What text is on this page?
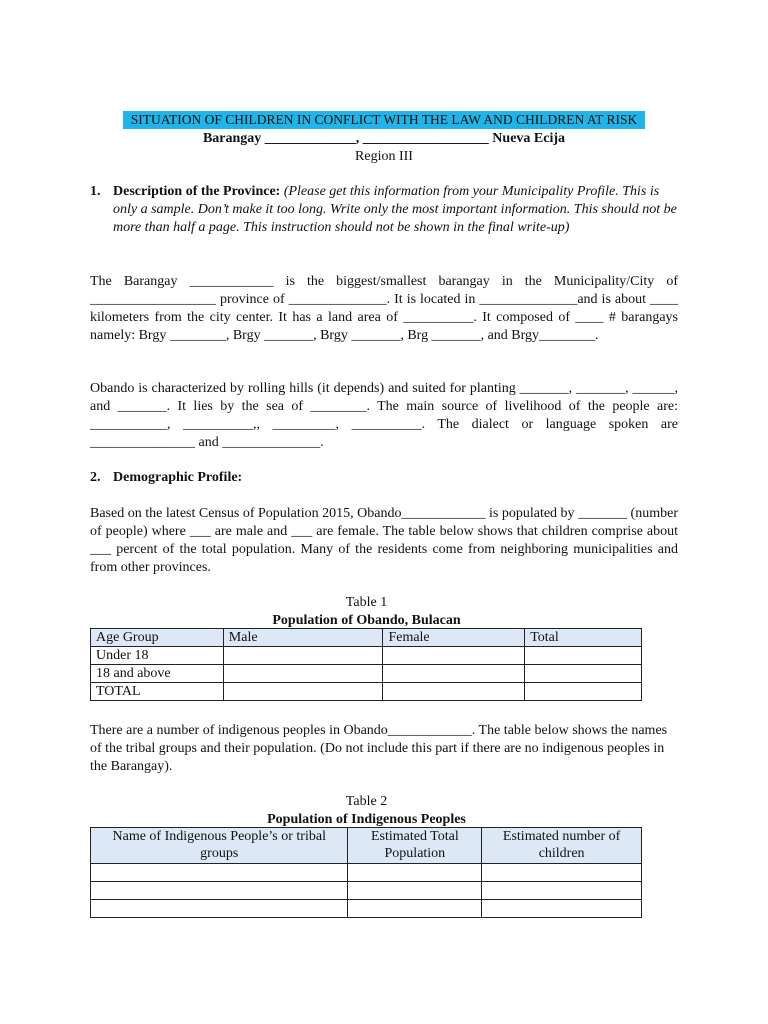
SITUATION OF CHILDREN IN CONFLICT WITH THE LAW AND CHILDREN AT RISK
Barangay _____________, __________________ Nueva Ecija
Region III
1. Description of the Province: (Please get this information from your Municipality Profile. This is only a sample. Don’t make it too long. Write only the most important information. This should not be more than half a page. This instruction should not be shown in the final write-up)
The Barangay ____________ is the biggest/smallest barangay in the Municipality/City of __________________ province of ______________. It is located in ______________and is about ____ kilometers from the city center. It has a land area of __________. It composed of ____ # barangays namely: Brgy ________, Brgy _______, Brgy _______, Brg _______, and Brgy________.
Obando is characterized by rolling hills (it depends) and suited for planting _______, _______, ______, and _______. It lies by the sea of ________. The main source of livelihood of the people are: ___________, __________,, _________, __________. The dialect or language spoken are _______________ and ______________.
2. Demographic Profile:
Based on the latest Census of Population 2015, Obando____________ is populated by _______ (number of people) where ___ are male and ___ are female. The table below shows that children comprise about ___ percent of the total population. Many of the residents come from neighboring municipalities and from other provinces.
Table 1
Population of Obando, Bulacan
Age Group	Male	Female	Total
Under 18			
18 and above			
TOTAL			
There are a number of indigenous peoples in Obando____________. The table below shows the names of the tribal groups and their population. (Do not include this part if there are no indigenous peoples in the Barangay).
Table 2
Population of Indigenous Peoples
Name of Indigenous People’s or tribal groups	Estimated Total Population	Estimated number of children
